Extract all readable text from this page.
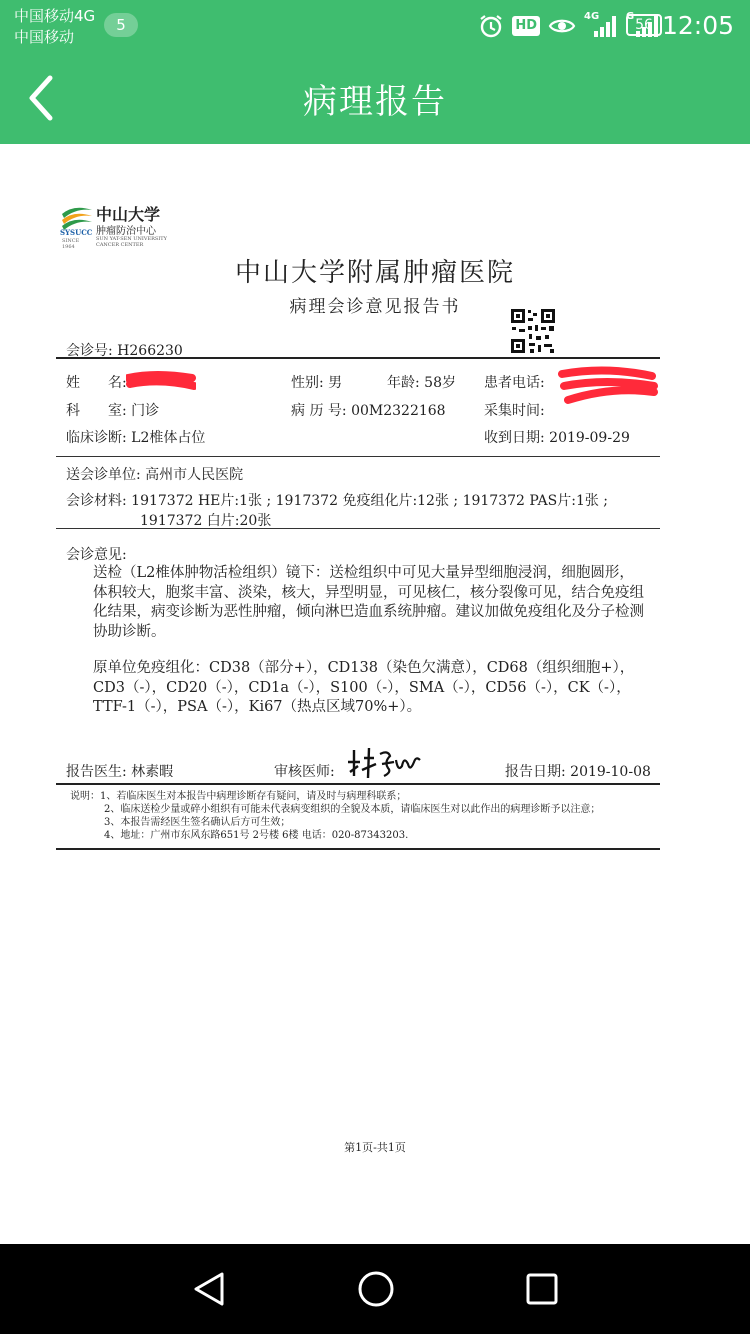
中国移动4G
中国移动
5	HD
4G	G
56 12:05
病理报告
SYSUCC
SINCE 1964
中山大学
肿瘤防治中心
SUN YAT-SEN UNIVERSITY CANCER CENTER
中山大学附属肿瘤医院
病理会诊意见报告书
会诊号: H266230
姓　　名:	性别: 男	年龄: 58岁 患者电话:
科　　室: 门诊	病 历 号: 00M2322168	采集时间:
临床诊断: L2椎体占位	收到日期: 2019-09-29
送会诊单位: 高州市人民医院
会诊材料: 1917372 HE片:1张 ; 1917372 免疫组化片:12张 ; 1917372 PAS片:1张 ;
1917372 白片:20张
会诊意见:
送检（L2椎体肿物活检组织）镜下：送检组织中可见大量异型细胞浸润，细胞圆形，体积较大，胞浆丰富、淡染，核大，异型明显，可见核仁，核分裂像可见，结合免疫组化结果，病变诊断为恶性肿瘤，倾向淋巴造血系统肿瘤。建议加做免疫组化及分子检测协助诊断。
原单位免疫组化：CD38（部分+），CD138（染色欠满意），CD68（组织细胞+），CD3（-），CD20（-），CD1a（-），S100（-），SMA（-），CD56（-），CK（-），TTF-1（-），PSA（-），Ki67（热点区域70%+）。
报告医生: 林素暇	审核医师:	报告日期: 2019-10-08
说明：1、若临床医生对本报告中病理诊断存有疑问，请及时与病理科联系；
2、临床送检少量或碎小组织有可能未代表病变组织的全貌及本质，请临床医生对以此作出的病理诊断予以注意；
3、本报告需经医生签名确认后方可生效；
4、地址：广州市东风东路651号 2号楼 6楼 电话：020-87343203.
第1页-共1页
